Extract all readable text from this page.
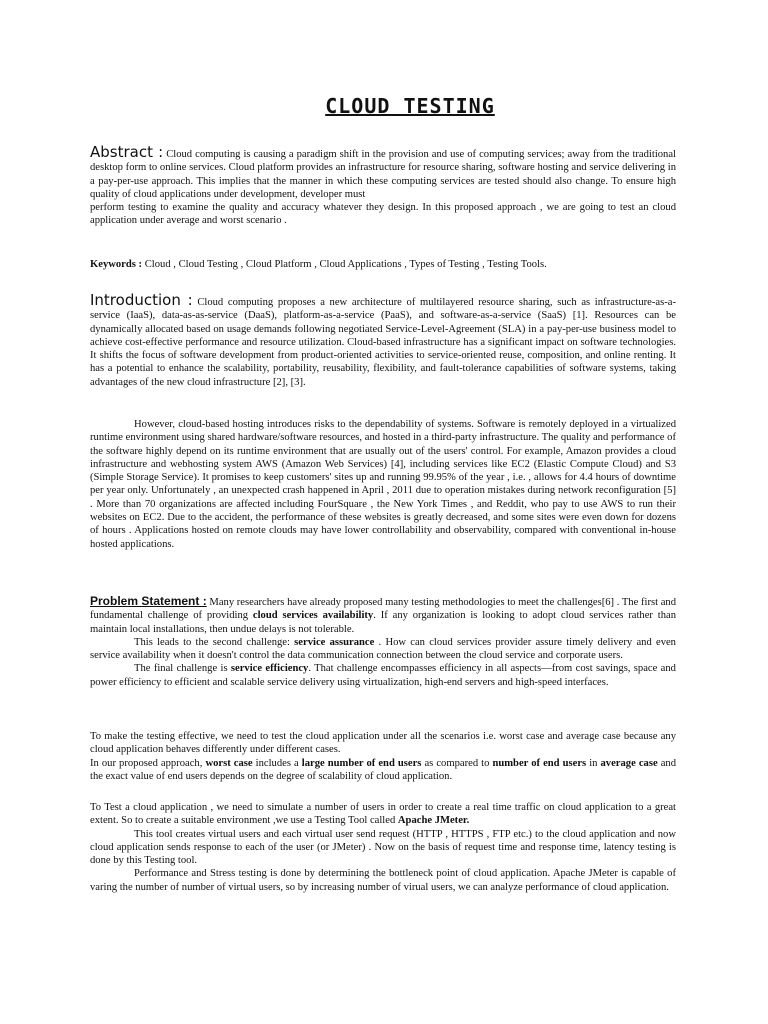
CLOUD TESTING
Abstract : Cloud computing is causing a paradigm shift in the provision and use of computing services; away from the traditional desktop form to online services. Cloud platform provides an infrastructure for resource sharing, software hosting and service delivering in a pay-per-use approach. This implies that the manner in which these computing services are tested should also change. To ensure high quality of cloud applications under development, developer must
perform testing to examine the quality and accuracy whatever they design. In this proposed approach , we are going to test an cloud application under average and worst scenario .
Keywords : Cloud , Cloud Testing , Cloud Platform , Cloud Applications , Types of Testing , Testing Tools.
Introduction : Cloud computing proposes a new architecture of multilayered resource sharing, such as infrastructure-as-a-service (IaaS), data-as-as-service (DaaS), platform-as-a-service (PaaS), and software-as-a-service (SaaS) [1]. Resources can be dynamically allocated based on usage demands following negotiated Service-Level-Agreement (SLA) in a pay-per-use business model to achieve cost-effective performance and resource utilization. Cloud-based infrastructure has a significant impact on software technologies. It shifts the focus of software development from product-oriented activities to service-oriented reuse, composition, and online renting. It has a potential to enhance the scalability, portability, reusability, flexibility, and fault-tolerance capabilities of software systems, taking advantages of the new cloud infrastructure [2], [3].
However, cloud-based hosting introduces risks to the dependability of systems. Software is remotely deployed in a virtualized runtime environment using shared hardware/software resources, and hosted in a third-party infrastructure. The quality and performance of the software highly depend on its runtime environment that are usually out of the users' control. For example, Amazon provides a cloud infrastructure and webhosting system AWS (Amazon Web Services) [4], including services like EC2 (Elastic Compute Cloud) and S3 (Simple Storage Service). It promises to keep customers' sites up and running 99.95% of the year , i.e. , allows for 4.4 hours of downtime per year only. Unfortunately , an unexpected crash happened in April , 2011 due to operation mistakes during network reconfiguration [5] . More than 70 organizations are affected including FourSquare , the New York Times , and Reddit, who pay to use AWS to run their websites on EC2. Due to the accident, the performance of these websites is greatly decreased, and some sites were even down for dozens of hours . Applications hosted on remote clouds may have lower controllability and observability, compared with conventional in-house hosted applications.
Problem Statement : Many researchers have already proposed many testing methodologies to meet the challenges[6] . The first and fundamental challenge of providing cloud services availability. If any organization is looking to adopt cloud services rather than maintain local installations, then undue delays is not tolerable.
This leads to the second challenge: service assurance . How can cloud services provider assure timely delivery and even service availability when it doesn't control the data communication connection between the cloud service and corporate users.
The final challenge is service efficiency. That challenge encompasses efficiency in all aspects—from cost savings, space and power efficiency to efficient and scalable service delivery using virtualization, high-end servers and high-speed interfaces.
To make the testing effective, we need to test the cloud application under all the scenarios i.e. worst case and average case because any cloud application behaves differently under different cases.
In our proposed approach, worst case includes a large number of end users as compared to number of end users in average case and the exact value of end users depends on the degree of scalability of cloud application.
To Test a cloud application , we need to simulate a number of users in order to create a real time traffic on cloud application to a great extent. So to create a suitable environment ,we use a Testing Tool called Apache JMeter.
This tool creates virtual users and each virtual user send request (HTTP , HTTPS , FTP etc.) to the cloud application and now cloud application sends response to each of the user (or JMeter) . Now on the basis of request time and response time, latency testing is done by this Testing tool.
Performance and Stress testing is done by determining the bottleneck point of cloud application. Apache JMeter is capable of varing the number of number of virtual users, so by increasing number of virual users, we can analyze performance of cloud application.
